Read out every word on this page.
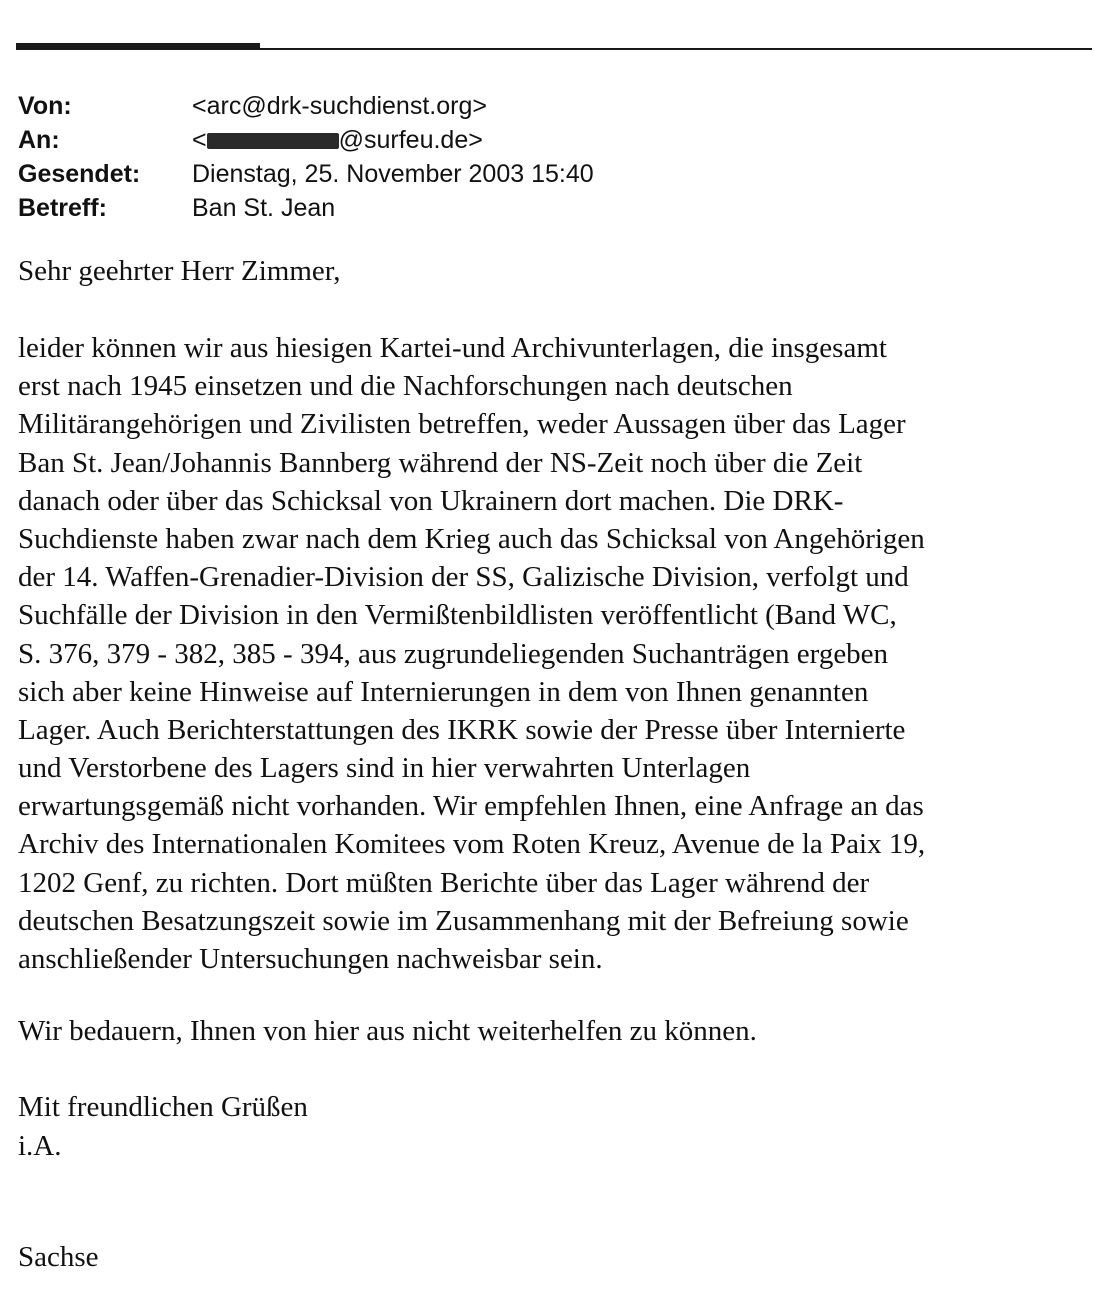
Von:	<arc@drk-suchdienst.org>
An:	<	@surfeu.de>
Gesendet:	Dienstag, 25. November 2003 15:40
Betreff:	Ban St. Jean
Sehr geehrter Herr Zimmer,
leider können wir aus hiesigen Kartei-und Archivunterlagen, die insgesamt
erst nach 1945 einsetzen und die Nachforschungen nach deutschen
Militärangehörigen und Zivilisten betreffen, weder Aussagen über das Lager
Ban St. Jean/Johannis Bannberg während der NS-Zeit noch über die Zeit
danach oder über das Schicksal von Ukrainern dort machen. Die DRK-
Suchdienste haben zwar nach dem Krieg auch das Schicksal von Angehörigen
der 14. Waffen-Grenadier-Division der SS, Galizische Division, verfolgt und
Suchfälle der Division in den Vermißtenbildlisten veröffentlicht (Band WC,
S. 376, 379 - 382, 385 - 394, aus zugrundeliegenden Suchanträgen ergeben
sich aber keine Hinweise auf Internierungen in dem von Ihnen genannten
Lager. Auch Berichterstattungen des IKRK sowie der Presse über Internierte
und Verstorbene des Lagers sind in hier verwahrten Unterlagen
erwartungsgemäß nicht vorhanden. Wir empfehlen Ihnen, eine Anfrage an das
Archiv des Internationalen Komitees vom Roten Kreuz, Avenue de la Paix 19,
1202 Genf, zu richten. Dort müßten Berichte über das Lager während der
deutschen Besatzungszeit sowie im Zusammenhang mit der Befreiung sowie
anschließender Untersuchungen nachweisbar sein.
Wir bedauern, Ihnen von hier aus nicht weiterhelfen zu können.
Mit freundlichen Grüßen
i.A.
Sachse
